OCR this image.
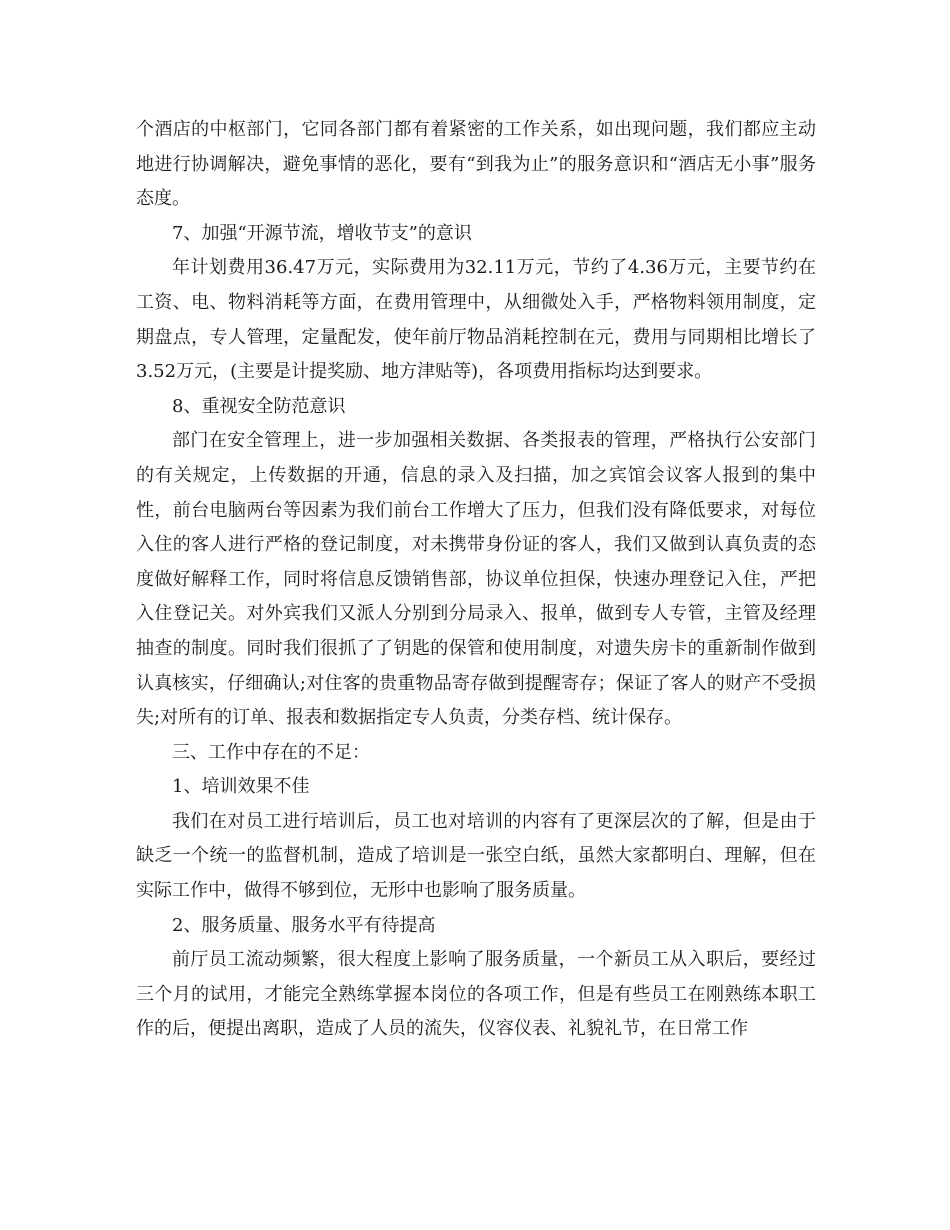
个酒店的中枢部门，它同各部门都有着紧密的工作关系，如出现问题，我们都应主动地进行协调解决，避免事情的恶化，要有“到我为止”的服务意识和“酒店无小事”服务态度。

7、加强“开源节流，增收节支”的意识

年计划费用36.47万元，实际费用为32.11万元，节约了4.36万元，主要节约在工资、电、物料消耗等方面，在费用管理中，从细微处入手，严格物料领用制度，定期盘点，专人管理，定量配发，使年前厅物品消耗控制在元，费用与同期相比增长了3.52万元，(主要是计提奖励、地方津贴等)，各项费用指标均达到要求。

8、重视安全防范意识

部门在安全管理上，进一步加强相关数据、各类报表的管理，严格执行公安部门的有关规定，上传数据的开通，信息的录入及扫描，加之宾馆会议客人报到的集中性，前台电脑两台等因素为我们前台工作增大了压力，但我们没有降低要求，对每位入住的客人进行严格的登记制度，对未携带身份证的客人，我们又做到认真负责的态度做好解释工作，同时将信息反馈销售部，协议单位担保，快速办理登记入住，严把入住登记关。对外宾我们又派人分别到分局录入、报单，做到专人专管，主管及经理抽查的制度。同时我们很抓了了钥匙的保管和使用制度，对遗失房卡的重新制作做到认真核实，仔细确认;对住客的贵重物品寄存做到提醒寄存；保证了客人的财产不受损失;对所有的订单、报表和数据指定专人负责，分类存档、统计保存。

三、工作中存在的不足：

1、培训效果不佳

我们在对员工进行培训后，员工也对培训的内容有了更深层次的了解，但是由于缺乏一个统一的监督机制，造成了培训是一张空白纸，虽然大家都明白、理解，但在实际工作中，做得不够到位，无形中也影响了服务质量。

2、服务质量、服务水平有待提高

前厅员工流动频繁，很大程度上影响了服务质量，一个新员工从入职后，要经过三个月的试用，才能完全熟练掌握本岗位的各项工作，但是有些员工在刚熟练本职工作的后，便提出离职，造成了人员的流失，仪容仪表、礼貌礼节，在日常工作
